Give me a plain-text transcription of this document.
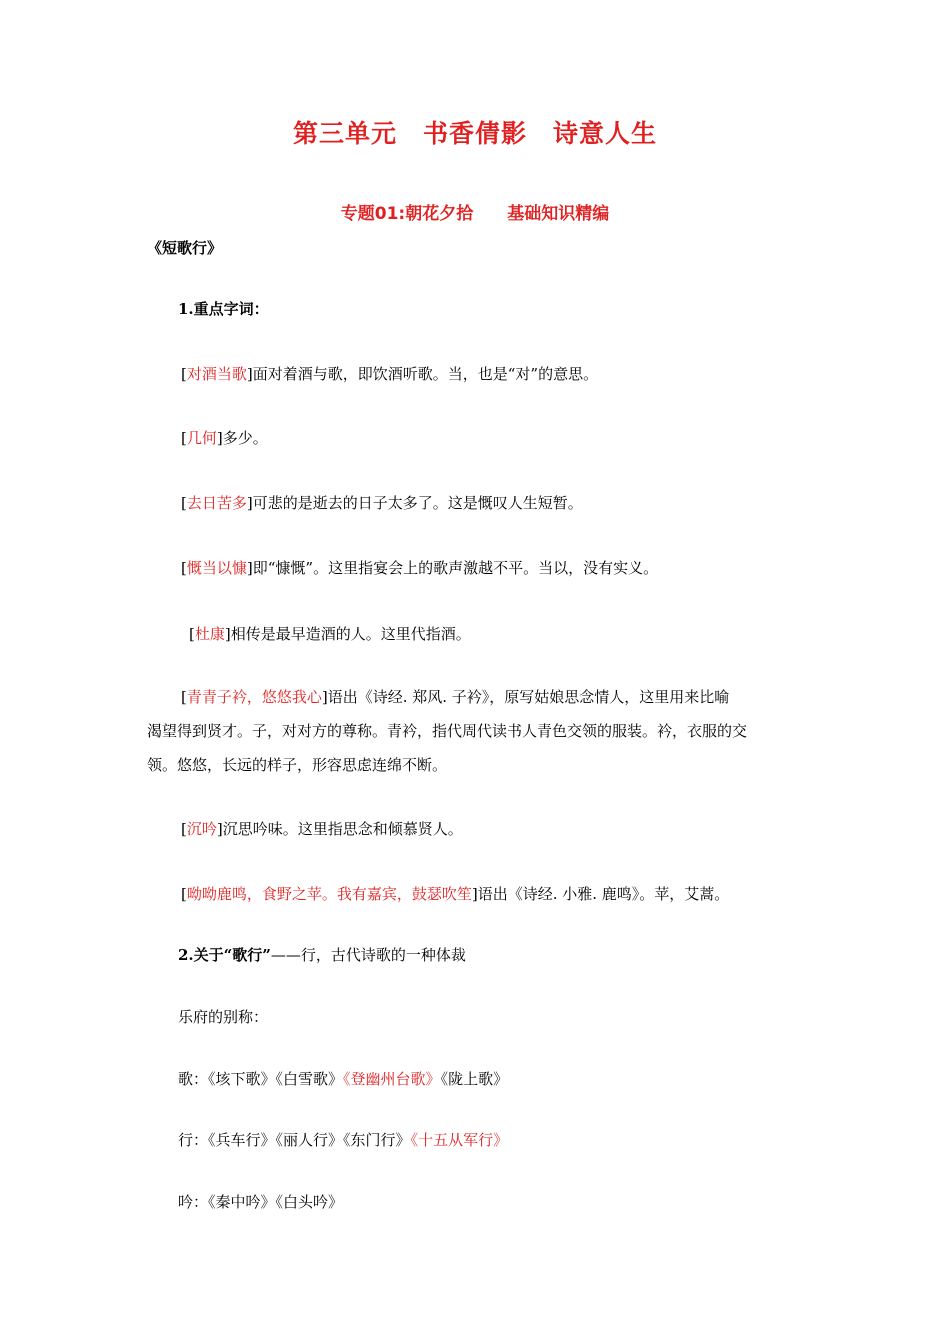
第三单元　书香倩影　诗意人生
专题01:朝花夕拾　　基础知识精编
《短歌行》
1.重点字词：
[对酒当歌]面对着酒与歌，即饮酒听歌。当，也是“对”的意思。
[几何]多少。
[去日苦多]可悲的是逝去的日子太多了。这是慨叹人生短暂。
[慨当以慷]即“慷慨”。这里指宴会上的歌声激越不平。当以，没有实义。
[杜康]相传是最早造酒的人。这里代指酒。
[青青子衿，悠悠我心]语出《诗经. 郑风. 子衿》，原写姑娘思念情人，这里用来比喻
渴望得到贤才。子，对对方的尊称。青衿，指代周代读书人青色交领的服装。衿，衣服的交
领。悠悠，长远的样子，形容思虑连绵不断。
[沉吟]沉思吟味。这里指思念和倾慕贤人。
[呦呦鹿鸣，食野之苹。我有嘉宾，鼓瑟吹笙]语出《诗经. 小雅. 鹿鸣》。苹，艾蒿。
2.关于“歌行”——行，古代诗歌的一种体裁
乐府的别称：
歌：《垓下歌》《白雪歌》《登幽州台歌》《陇上歌》
行：《兵车行》《丽人行》《东门行》《十五从军行》
吟：《秦中吟》《白头吟》
